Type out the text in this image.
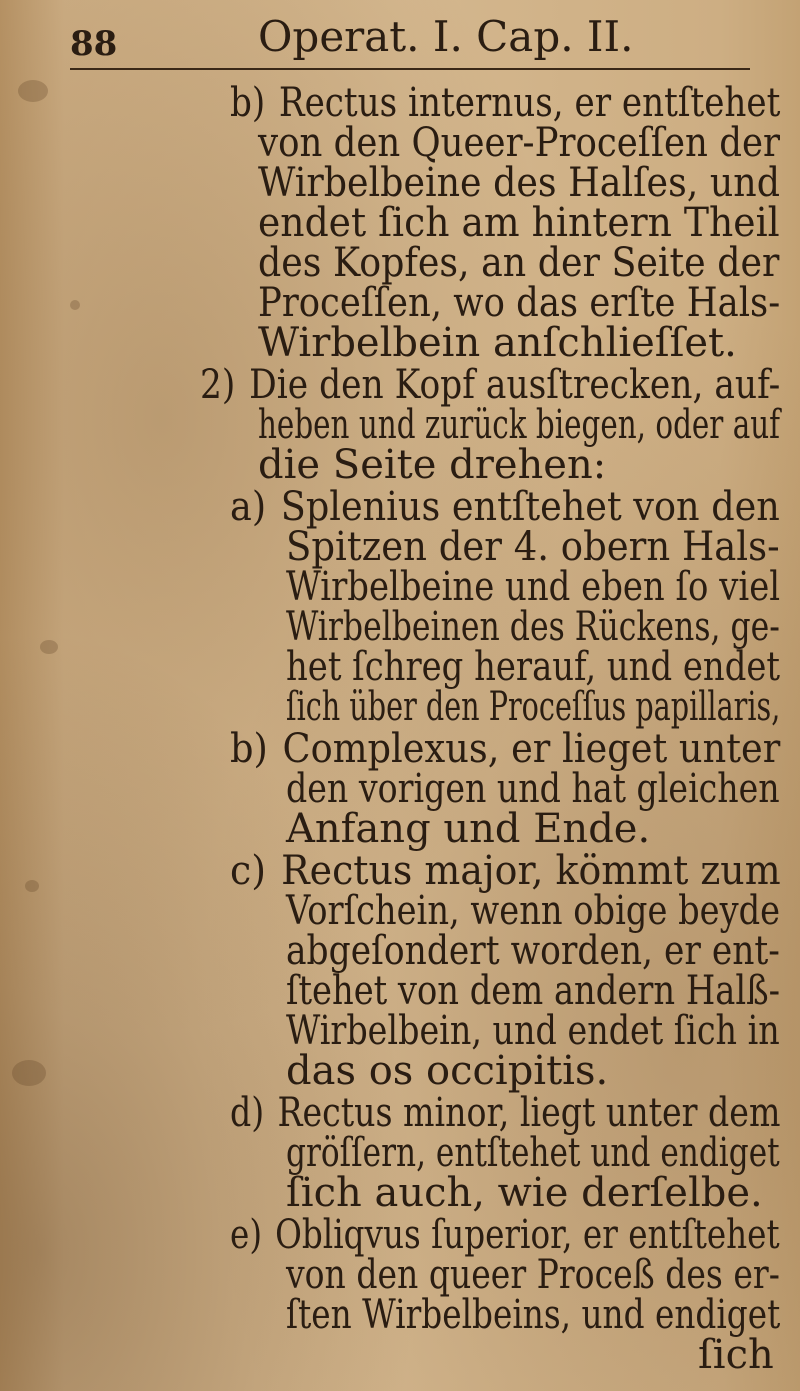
88	Operat. I. Cap. II.
b) Rectus internus, er entſtehet
von den Queer-Proceſſen der
Wirbelbeine des Halſes, und
endet ſich am hintern Theil
des Kopfes, an der Seite der
Proceſſen, wo das erſte Hals-
Wirbelbein anſchlieſſet.
2) Die den Kopf ausſtrecken, auf-
heben und zurück biegen, oder auf
die Seite drehen:
a) Splenius entſtehet von den
Spitzen der 4. obern Hals-
Wirbelbeine und eben ſo viel
Wirbelbeinen des Rückens, ge-
het ſchreg herauf, und endet
ſich über den Proceſſus papillaris,
b) Complexus, er lieget unter
den vorigen und hat gleichen
Anfang und Ende.
c) Rectus major, kömmt zum
Vorſchein, wenn obige beyde
abgeſondert worden, er ent-
ſtehet von dem andern Halß-
Wirbelbein, und endet ſich in
das os occipitis.
d) Rectus minor, liegt unter dem
gröſſern, entſtehet und endiget
ſich auch, wie derſelbe.
e) Obliqvus ſuperior, er entſtehet
von den queer Proceß des er-
ſten Wirbelbeins, und endiget
ſich
